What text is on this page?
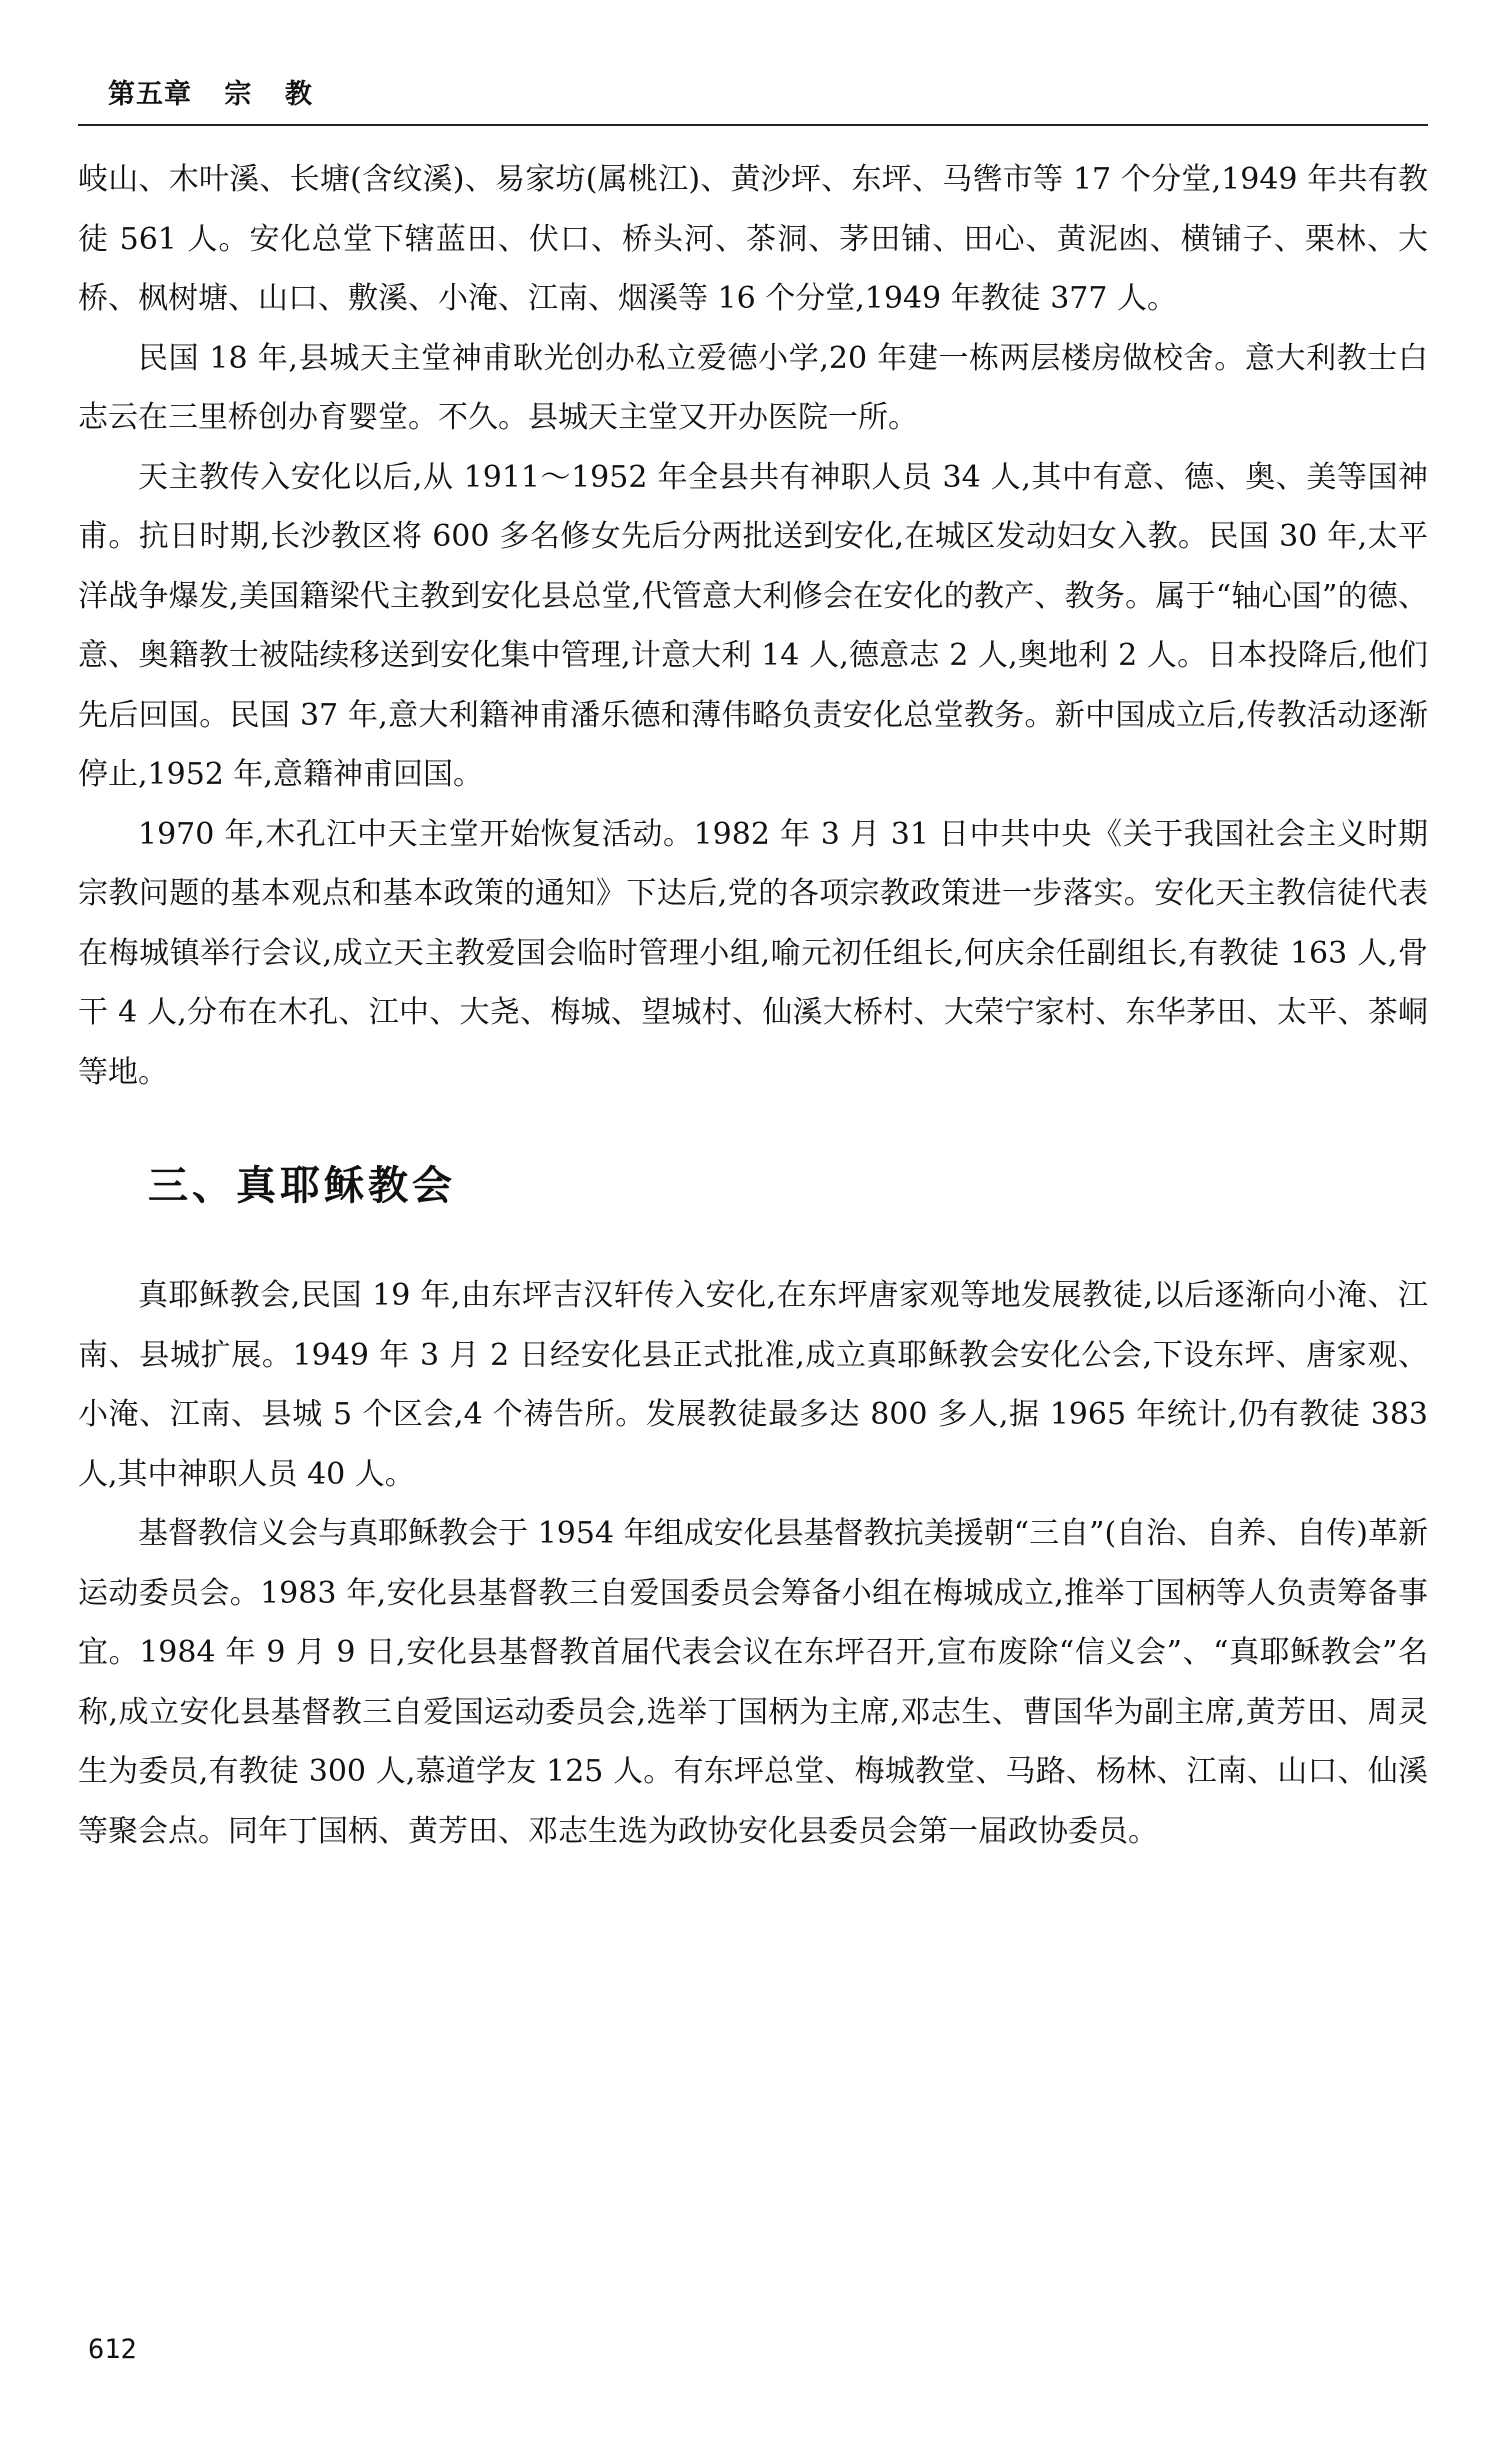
第五章 宗 教

岐山、木叶溪、长塘(含纹溪)、易家坊(属桃江)、黄沙坪、东坪、马辔市等 17 个分堂,1949 年共有教徒 561 人。安化总堂下辖蓝田、伏口、桥头河、茶洞、茅田铺、田心、黄泥凼、横铺子、栗林、大桥、枫树塘、山口、敷溪、小淹、江南、烟溪等 16 个分堂,1949 年教徒 377 人。

民国 18 年,县城天主堂神甫耿光创办私立爱德小学,20 年建一栋两层楼房做校舍。意大利教士白志云在三里桥创办育婴堂。不久。县城天主堂又开办医院一所。

天主教传入安化以后,从 1911～1952 年全县共有神职人员 34 人,其中有意、德、奥、美等国神甫。抗日时期,长沙教区将 600 多名修女先后分两批送到安化,在城区发动妇女入教。民国 30 年,太平洋战争爆发,美国籍梁代主教到安化县总堂,代管意大利修会在安化的教产、教务。属于“轴心国”的德、意、奥籍教士被陆续移送到安化集中管理,计意大利 14 人,德意志 2 人,奥地利 2 人。日本投降后,他们先后回国。民国 37 年,意大利籍神甫潘乐德和薄伟略负责安化总堂教务。新中国成立后,传教活动逐渐停止,1952 年,意籍神甫回国。

1970 年,木孔江中天主堂开始恢复活动。1982 年 3 月 31 日中共中央《关于我国社会主义时期宗教问题的基本观点和基本政策的通知》下达后,党的各项宗教政策进一步落实。安化天主教信徒代表在梅城镇举行会议,成立天主教爱国会临时管理小组,喻元初任组长,何庆余任副组长,有教徒 163 人,骨干 4 人,分布在木孔、江中、大尧、梅城、望城村、仙溪大桥村、大荣宁家村、东华茅田、太平、茶峒等地。

三、真耶稣教会

真耶稣教会,民国 19 年,由东坪吉汉轩传入安化,在东坪唐家观等地发展教徒,以后逐渐向小淹、江南、县城扩展。1949 年 3 月 2 日经安化县正式批准,成立真耶稣教会安化公会,下设东坪、唐家观、小淹、江南、县城 5 个区会,4 个祷告所。发展教徒最多达 800 多人,据 1965 年统计,仍有教徒 383 人,其中神职人员 40 人。

基督教信义会与真耶稣教会于 1954 年组成安化县基督教抗美援朝“三自”(自治、自养、自传)革新运动委员会。1983 年,安化县基督教三自爱国委员会筹备小组在梅城成立,推举丁国柄等人负责筹备事宜。1984 年 9 月 9 日,安化县基督教首届代表会议在东坪召开,宣布废除“信义会”、“真耶稣教会”名称,成立安化县基督教三自爱国运动委员会,选举丁国柄为主席,邓志生、曹国华为副主席,黄芳田、周灵生为委员,有教徒 300 人,慕道学友 125 人。有东坪总堂、梅城教堂、马路、杨林、江南、山口、仙溪等聚会点。同年丁国柄、黄芳田、邓志生选为政协安化县委员会第一届政协委员。

612
